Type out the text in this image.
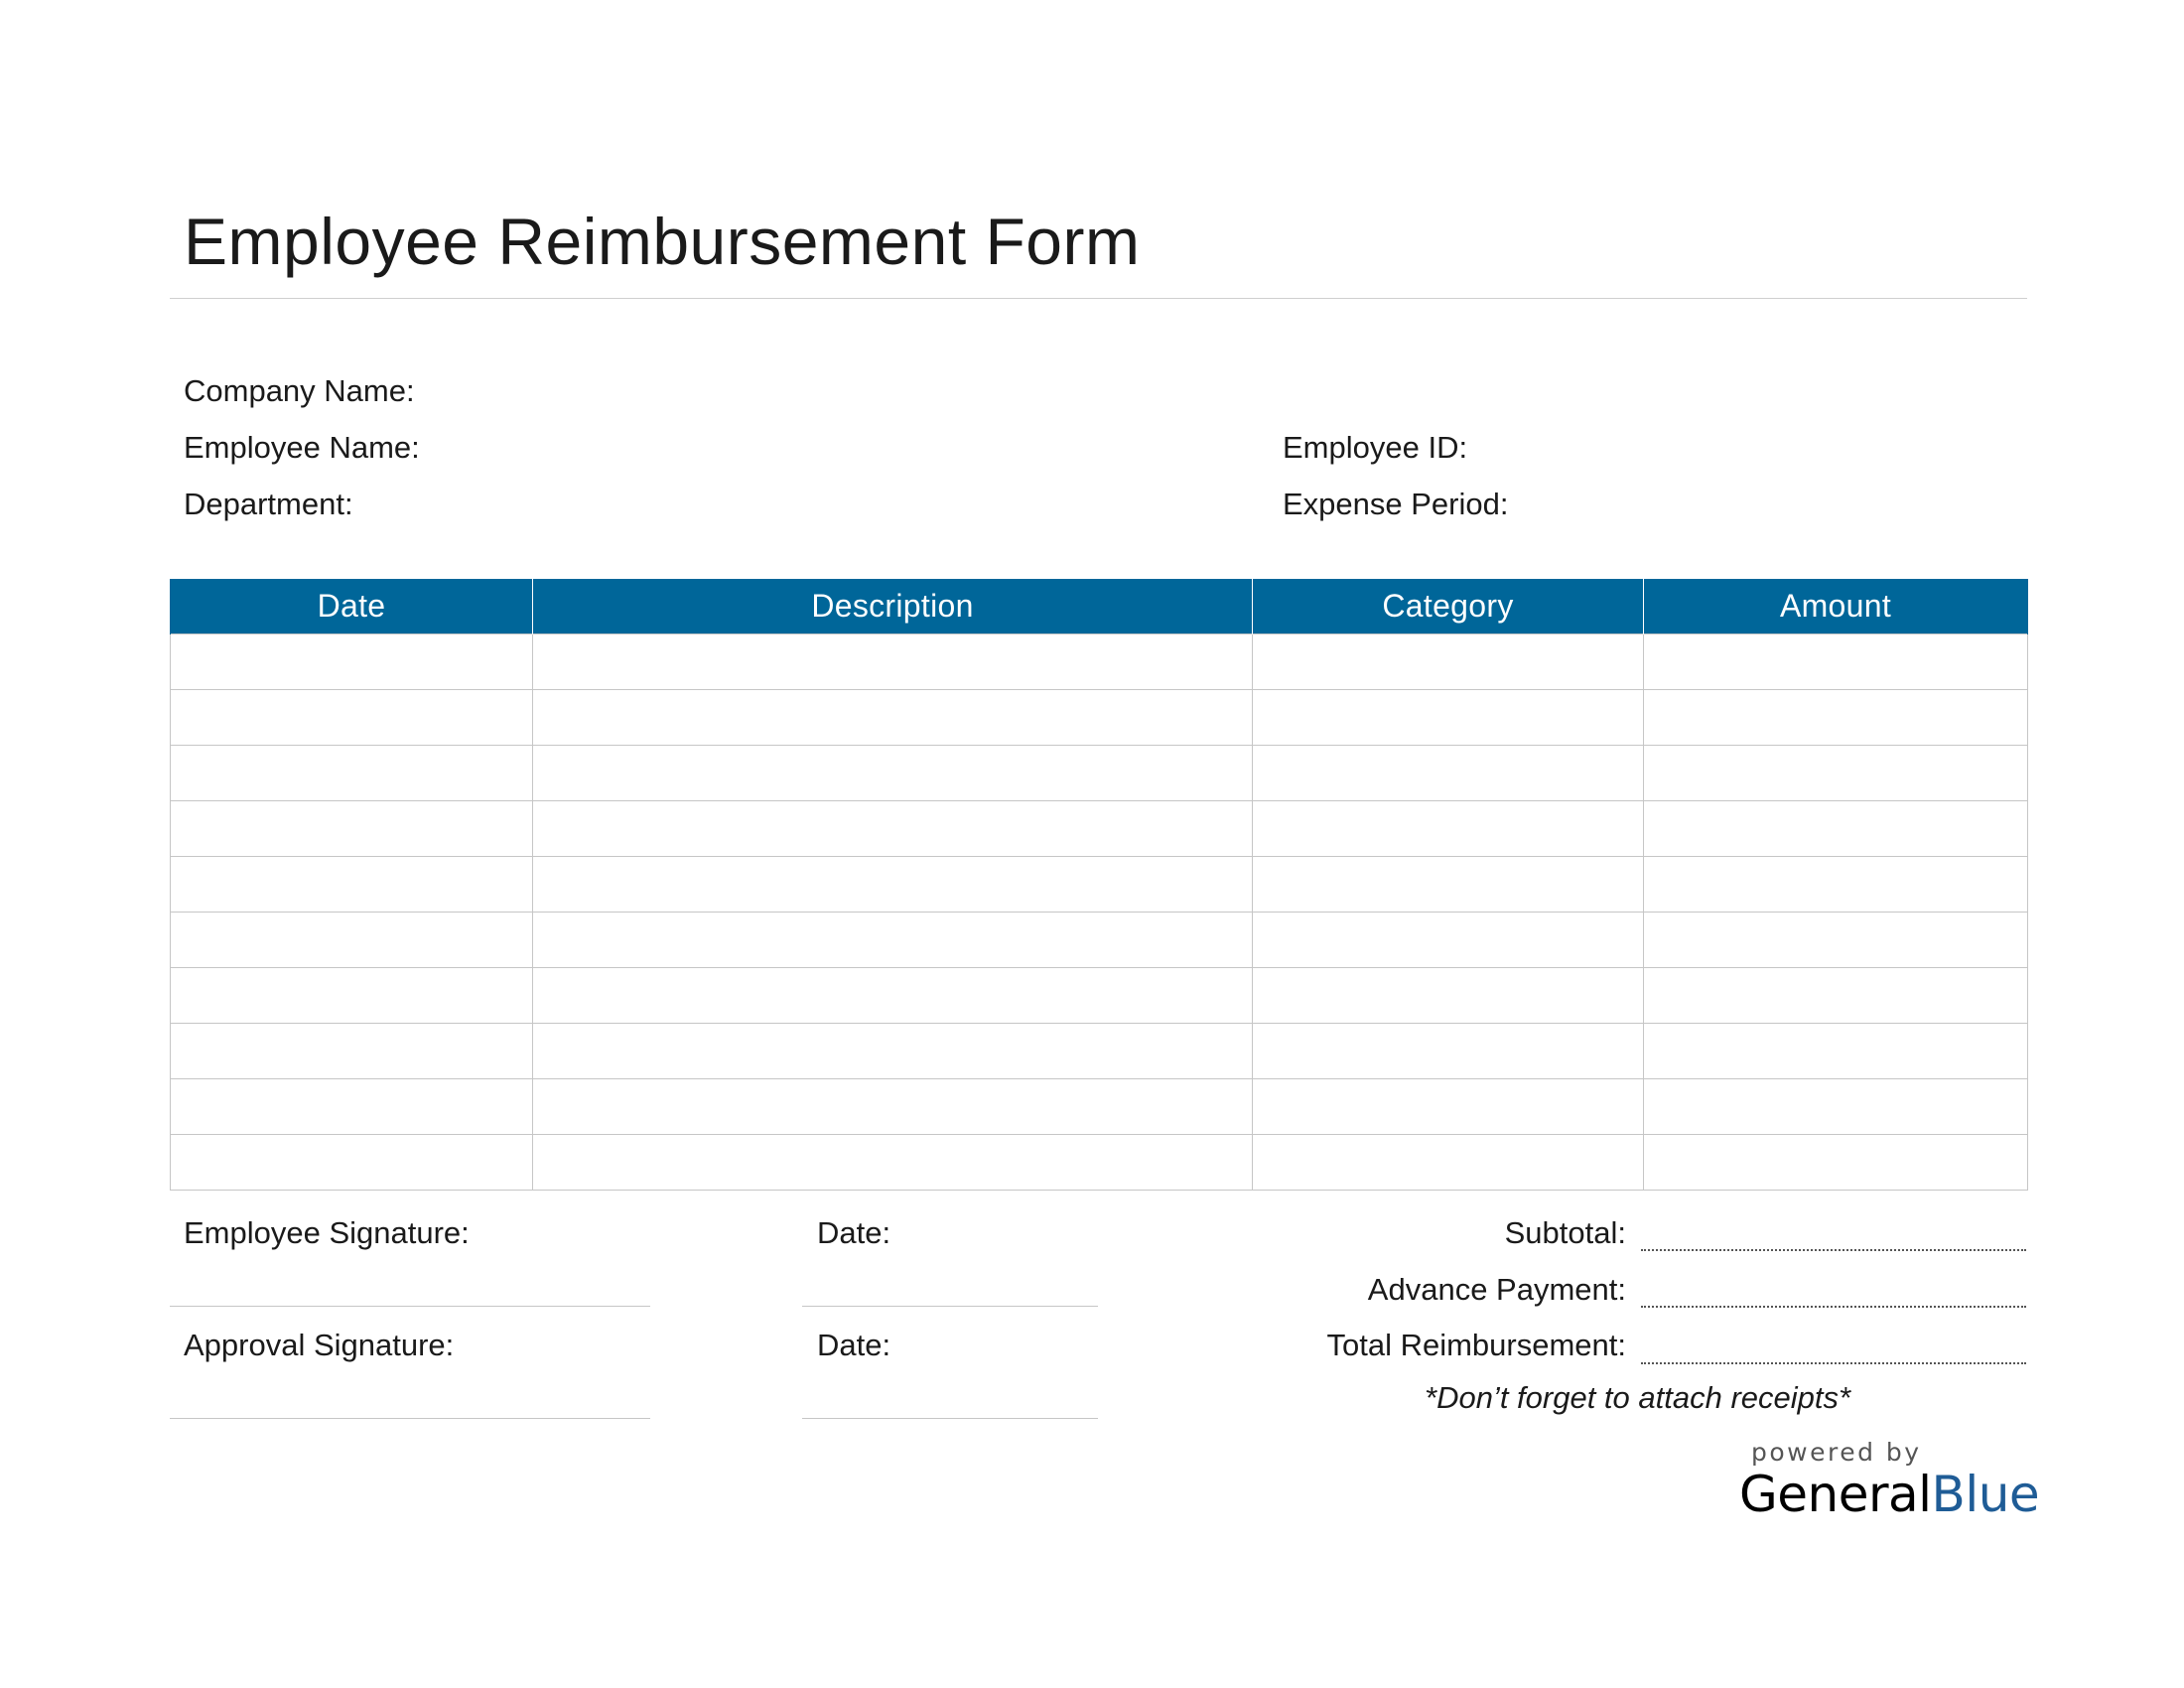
Employee Reimbursement Form
Company Name:
Employee Name:
Department:
Employee ID:
Expense Period:
Date	Description	Category	Amount

Employee Signature:	Date:
Approval Signature:	Date:
Subtotal:
Advance Payment:
Total Reimbursement:
*Don’t forget to attach receipts*
powered by
GeneralBlue
